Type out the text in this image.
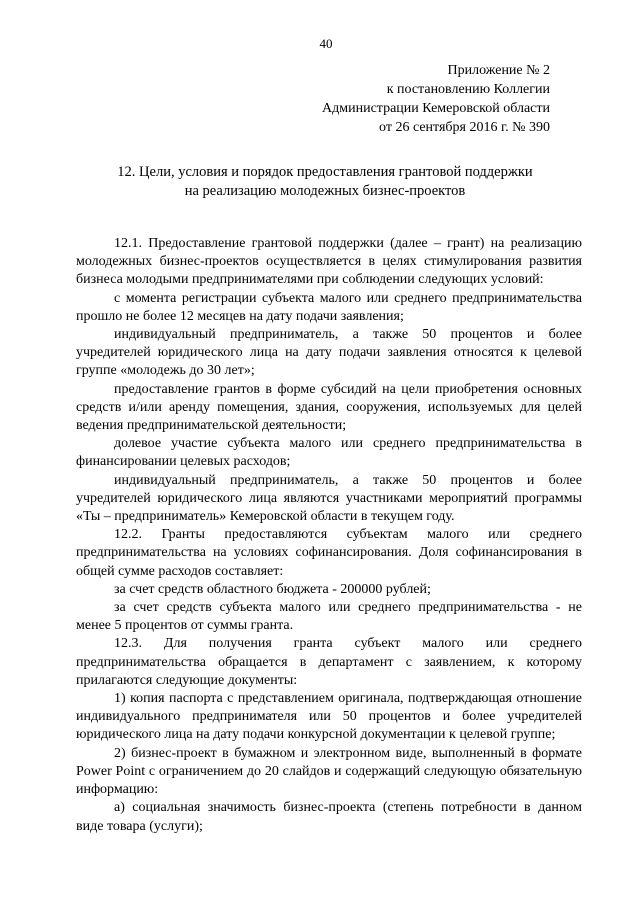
40
Приложение № 2
к постановлению Коллегии
Администрации Кемеровской области
от 26 сентября 2016 г. № 390
12. Цели, условия и порядок предоставления грантовой поддержки
на реализацию молодежных бизнес-проектов

12.1. Предоставление грантовой поддержки (далее – грант) на реализацию молодежных бизнес-проектов осуществляется в целях стимулирования развития бизнеса молодыми предпринимателями при соблюдении следующих условий:

с момента регистрации субъекта малого или среднего предпринимательства прошло не более 12 месяцев на дату подачи заявления;

индивидуальный предприниматель, а также 50 процентов и более учредителей юридического лица на дату подачи заявления относятся к целевой группе «молодежь до 30 лет»;

предоставление грантов в форме субсидий на цели приобретения основных средств и/или аренду помещения, здания, сооружения, используемых для целей ведения предпринимательской деятельности;

долевое участие субъекта малого или среднего предпринимательства в финансировании целевых расходов;

индивидуальный предприниматель, а также 50 процентов и более учредителей юридического лица являются участниками мероприятий программы «Ты – предприниматель» Кемеровской области в текущем году.

12.2. Гранты предоставляются субъектам малого или среднего предпринимательства на условиях софинансирования. Доля софинансирования в общей сумме расходов составляет:

за счет средств областного бюджета - 200000 рублей;

за счет средств субъекта малого или среднего предпринимательства - не менее 5 процентов от суммы гранта.

12.3. Для получения гранта субъект малого или среднего предпринимательства обращается в департамент с заявлением, к которому прилагаются следующие документы:

1) копия паспорта с представлением оригинала, подтверждающая отношение индивидуального предпринимателя или 50 процентов и более учредителей юридического лица на дату подачи конкурсной документации к целевой группе;

2) бизнес-проект в бумажном и электронном виде, выполненный в формате Power Point с ограничением до 20 слайдов и содержащий следующую обязательную информацию:

а) социальная значимость бизнес-проекта (степень потребности в данном виде товара (услуги);
